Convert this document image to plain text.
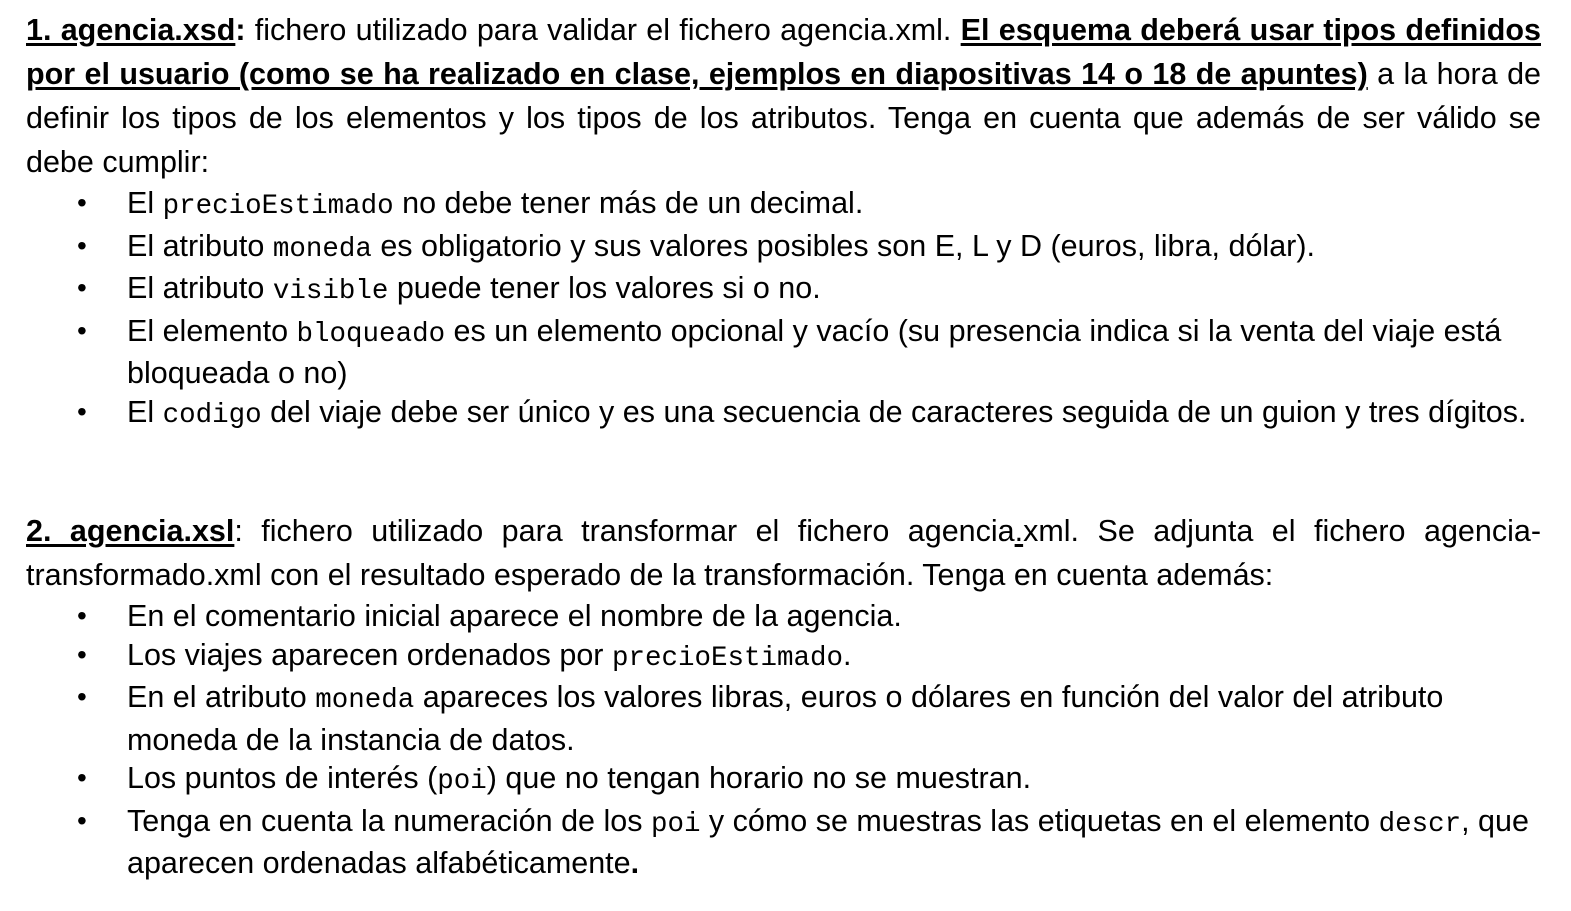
1. agencia.xsd: fichero utilizado para validar el fichero agencia.xml. El esquema deberá usar tipos definidos por el usuario (como se ha realizado en clase, ejemplos en diapositivas 14 o 18 de apuntes) a la hora de definir los tipos de los elementos y los tipos de los atributos. Tenga en cuenta que además de ser válido se debe cumplir:

• El precioEstimado no debe tener más de un decimal.
• El atributo moneda es obligatorio y sus valores posibles son E, L y D (euros, libra, dólar).
• El atributo visible puede tener los valores si o no.
• El elemento bloqueado es un elemento opcional y vacío (su presencia indica si la venta del viaje está bloqueada o no)
• El codigo del viaje debe ser único y es una secuencia de caracteres seguida de un guion y tres dígitos.

2. agencia.xsl: fichero utilizado para transformar el fichero agencia.xml. Se adjunta el fichero agencia-transformado.xml con el resultado esperado de la transformación. Tenga en cuenta además:

• En el comentario inicial aparece el nombre de la agencia.
• Los viajes aparecen ordenados por precioEstimado.
• En el atributo moneda apareces los valores libras, euros o dólares en función del valor del atributo moneda de la instancia de datos.
• Los puntos de interés (poi) que no tengan horario no se muestran.
• Tenga en cuenta la numeración de los poi y cómo se muestras las etiquetas en el elemento descr, que aparecen ordenadas alfabéticamente.
